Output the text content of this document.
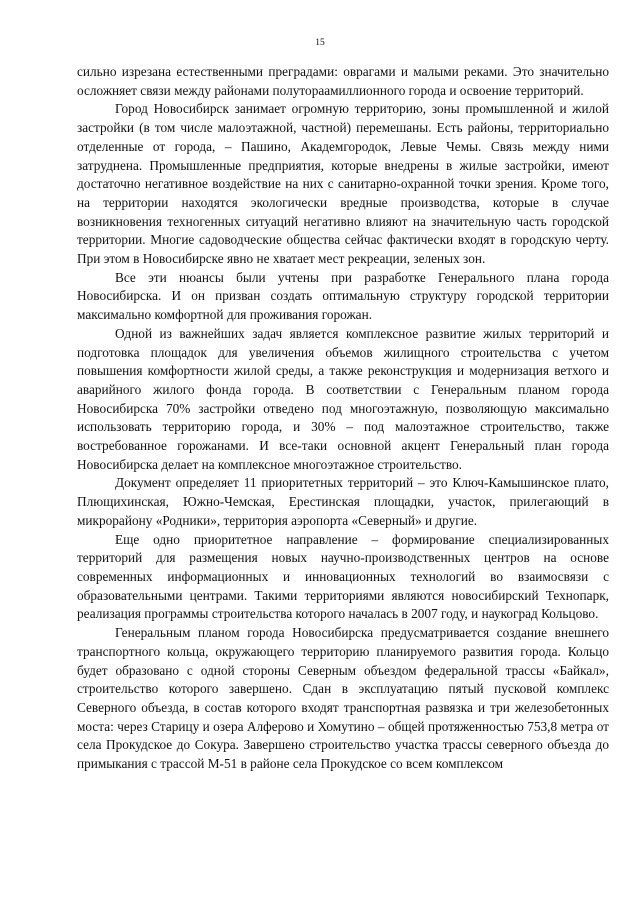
15

сильно изрезана естественными преградами: оврагами и малыми реками. Это значительно осложняет связи между районами полутораамиллионного города и освоение территорий.

Город Новосибирск занимает огромную территорию, зоны промышленной и жилой застройки (в том числе малоэтажной, частной) перемешаны. Есть районы, территориально отделенные от города, – Пашино, Академгородок, Левые Чемы. Связь между ними затруднена. Промышленные предприятия, которые внедрены в жилые застройки, имеют достаточно негативное воздействие на них с санитарно-охранной точки зрения. Кроме того, на территории находятся экологически вредные производства, которые в случае возникновения техногенных ситуаций негативно влияют на значительную часть городской территории. Многие садоводческие общества сейчас фактически входят в городскую черту. При этом в Новосибирске явно не хватает мест рекреации, зеленых зон.

Все эти нюансы были учтены при разработке Генерального плана города Новосибирска. И он призван создать оптимальную структуру городской территории максимально комфортной для проживания горожан.

Одной из важнейших задач является комплексное развитие жилых территорий и подготовка площадок для увеличения объемов жилищного строительства с учетом повышения комфортности жилой среды, а также реконструкция и модернизация ветхого и аварийного жилого фонда города. В соответствии с Генеральным планом города Новосибирска 70% застройки отведено под многоэтажную, позволяющую максимально использовать территорию города, и 30% – под малоэтажное строительство, также востребованное горожанами. И все-таки основной акцент Генеральный план города Новосибирска делает на комплексное многоэтажное строительство.

Документ определяет 11 приоритетных территорий – это Ключ-Камышинское плато, Плющихинская, Южно-Чемская, Ерестинская площадки, участок, прилегающий в микрорайону «Родники», территория аэропорта «Северный» и другие.

Еще одно приоритетное направление – формирование специализированных территорий для размещения новых научно-производственных центров на основе современных информационных и инновационных технологий во взаимосвязи с образовательными центрами. Такими территориями являются новосибирский Технопарк, реализация программы строительства которого началась в 2007 году, и наукоград Кольцово.

Генеральным планом города Новосибирска предусматривается создание внешнего транспортного кольца, окружающего территорию планируемого развития города. Кольцо будет образовано с одной стороны Северным объездом федеральной трассы «Байкал», строительство которого завершено. Сдан в эксплуатацию пятый пусковой комплекс Северного объезда, в состав которого входят транспортная развязка и три железобетонных моста: через Старицу и озера Алферово и Хомутино – общей протяженностью 753,8 метра от села Прокудское до Сокура. Завершено строительство участка трассы северного объезда до примыкания с трассой М-51 в районе села Прокудское со всем комплексом
